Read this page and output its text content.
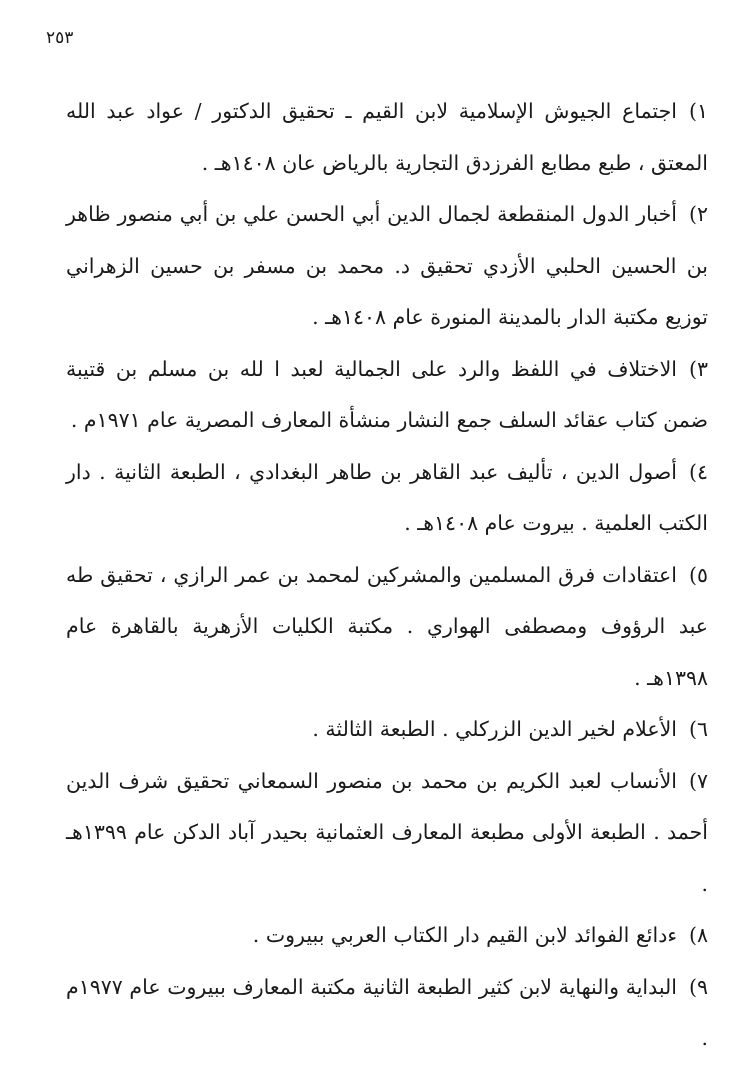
٢٥٣

١)اجتماع الجيوش الإسلامية لابن القيم ـ تحقيق الدكتور / عواد عبد الله المعتق ، طبع مطابع الفرزدق التجارية بالرياض عان ١٤٠٨هـ .

٢)أخبار الدول المنقطعة لجمال الدين أبي الحسن علي بن أبي منصور ظاهر بن الحسين الحلبي الأزدي تحقيق د. محمد بن مسفر بن حسين الزهراني توزيع مكتبة الدار بالمدينة المنورة عام ١٤٠٨هـ .

٣)الاختلاف في اللفظ والرد على الجمالية لعبد ا لله بن مسلم بن قتيبة ضمن كتاب عقائد السلف جمع النشار منشأة المعارف المصرية عام ١٩٧١م .

٤)أصول الدين ، تأليف عبد القاهر بن طاهر البغدادي ، الطبعة الثانية . دار الكتب العلمية . بيروت عام ١٤٠٨هـ .

٥)اعتقادات فرق المسلمين والمشركين لمحمد بن عمر الرازي ، تحقيق طه عبد الرؤوف ومصطفى الهواري . مكتبة الكليات الأزهرية بالقاهرة عام ١٣٩٨هـ .

٦)الأعلام لخير الدين الزركلي . الطبعة الثالثة .

٧)الأنساب لعبد الكريم بن محمد بن منصور السمعاني تحقيق شرف الدين أحمد . الطبعة الأولى مطبعة المعارف العثمانية بحيدر آباد الدكن عام ١٣٩٩هـ .

٨)ءدائع الفوائد لابن القيم دار الكتاب العربي ببيروت .

٩)البداية والنهاية لابن كثير الطبعة الثانية مكتبة المعارف ببيروت عام ١٩٧٧م .
